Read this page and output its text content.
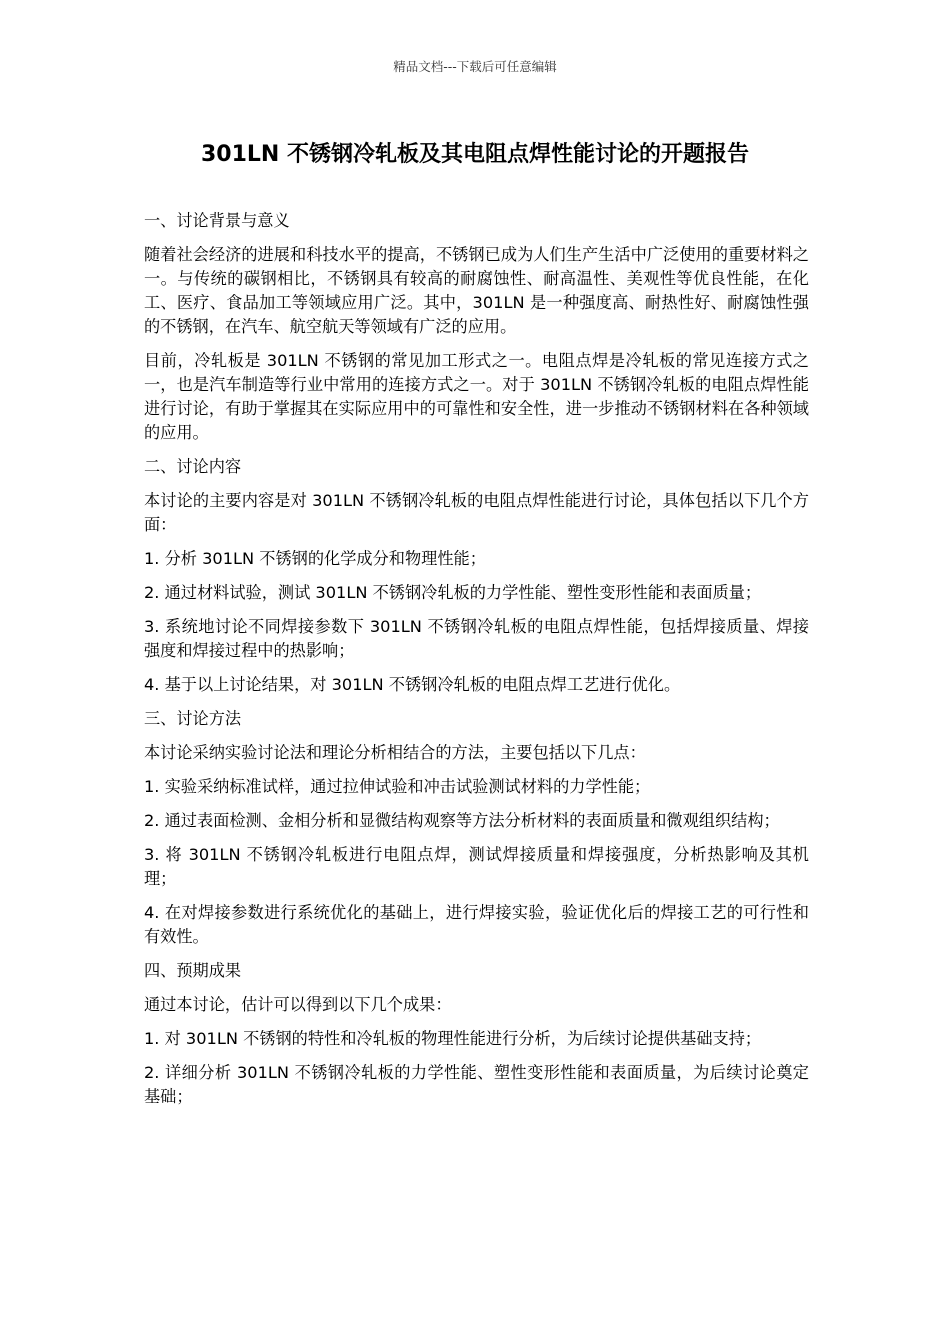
精品文档---下载后可任意编辑
301LN 不锈钢冷轧板及其电阻点焊性能讨论的开题报告

一、讨论背景与意义

随着社会经济的进展和科技水平的提高，不锈钢已成为人们生产生活中广泛使用的重要材料之一。与传统的碳钢相比，不锈钢具有较高的耐腐蚀性、耐高温性、美观性等优良性能，在化工、医疗、食品加工等领域应用广泛。其中，301LN 是一种强度高、耐热性好、耐腐蚀性强的不锈钢，在汽车、航空航天等领域有广泛的应用。

目前，冷轧板是 301LN 不锈钢的常见加工形式之一。电阻点焊是冷轧板的常见连接方式之一，也是汽车制造等行业中常用的连接方式之一。对于 301LN 不锈钢冷轧板的电阻点焊性能进行讨论，有助于掌握其在实际应用中的可靠性和安全性，进一步推动不锈钢材料在各种领域的应用。

二、讨论内容

本讨论的主要内容是对 301LN 不锈钢冷轧板的电阻点焊性能进行讨论，具体包括以下几个方面：

1. 分析 301LN 不锈钢的化学成分和物理性能；

2. 通过材料试验，测试 301LN 不锈钢冷轧板的力学性能、塑性变形性能和表面质量；

3. 系统地讨论不同焊接参数下 301LN 不锈钢冷轧板的电阻点焊性能，包括焊接质量、焊接强度和焊接过程中的热影响；

4. 基于以上讨论结果，对 301LN 不锈钢冷轧板的电阻点焊工艺进行优化。

三、讨论方法

本讨论采纳实验讨论法和理论分析相结合的方法，主要包括以下几点：

1. 实验采纳标准试样，通过拉伸试验和冲击试验测试材料的力学性能；

2. 通过表面检测、金相分析和显微结构观察等方法分析材料的表面质量和微观组织结构；

3. 将 301LN 不锈钢冷轧板进行电阻点焊，测试焊接质量和焊接强度，分析热影响及其机理；

4. 在对焊接参数进行系统优化的基础上，进行焊接实验，验证优化后的焊接工艺的可行性和有效性。

四、预期成果

通过本讨论，估计可以得到以下几个成果：

1. 对 301LN 不锈钢的特性和冷轧板的物理性能进行分析，为后续讨论提供基础支持；

2. 详细分析 301LN 不锈钢冷轧板的力学性能、塑性变形性能和表面质量，为后续讨论奠定基础；
